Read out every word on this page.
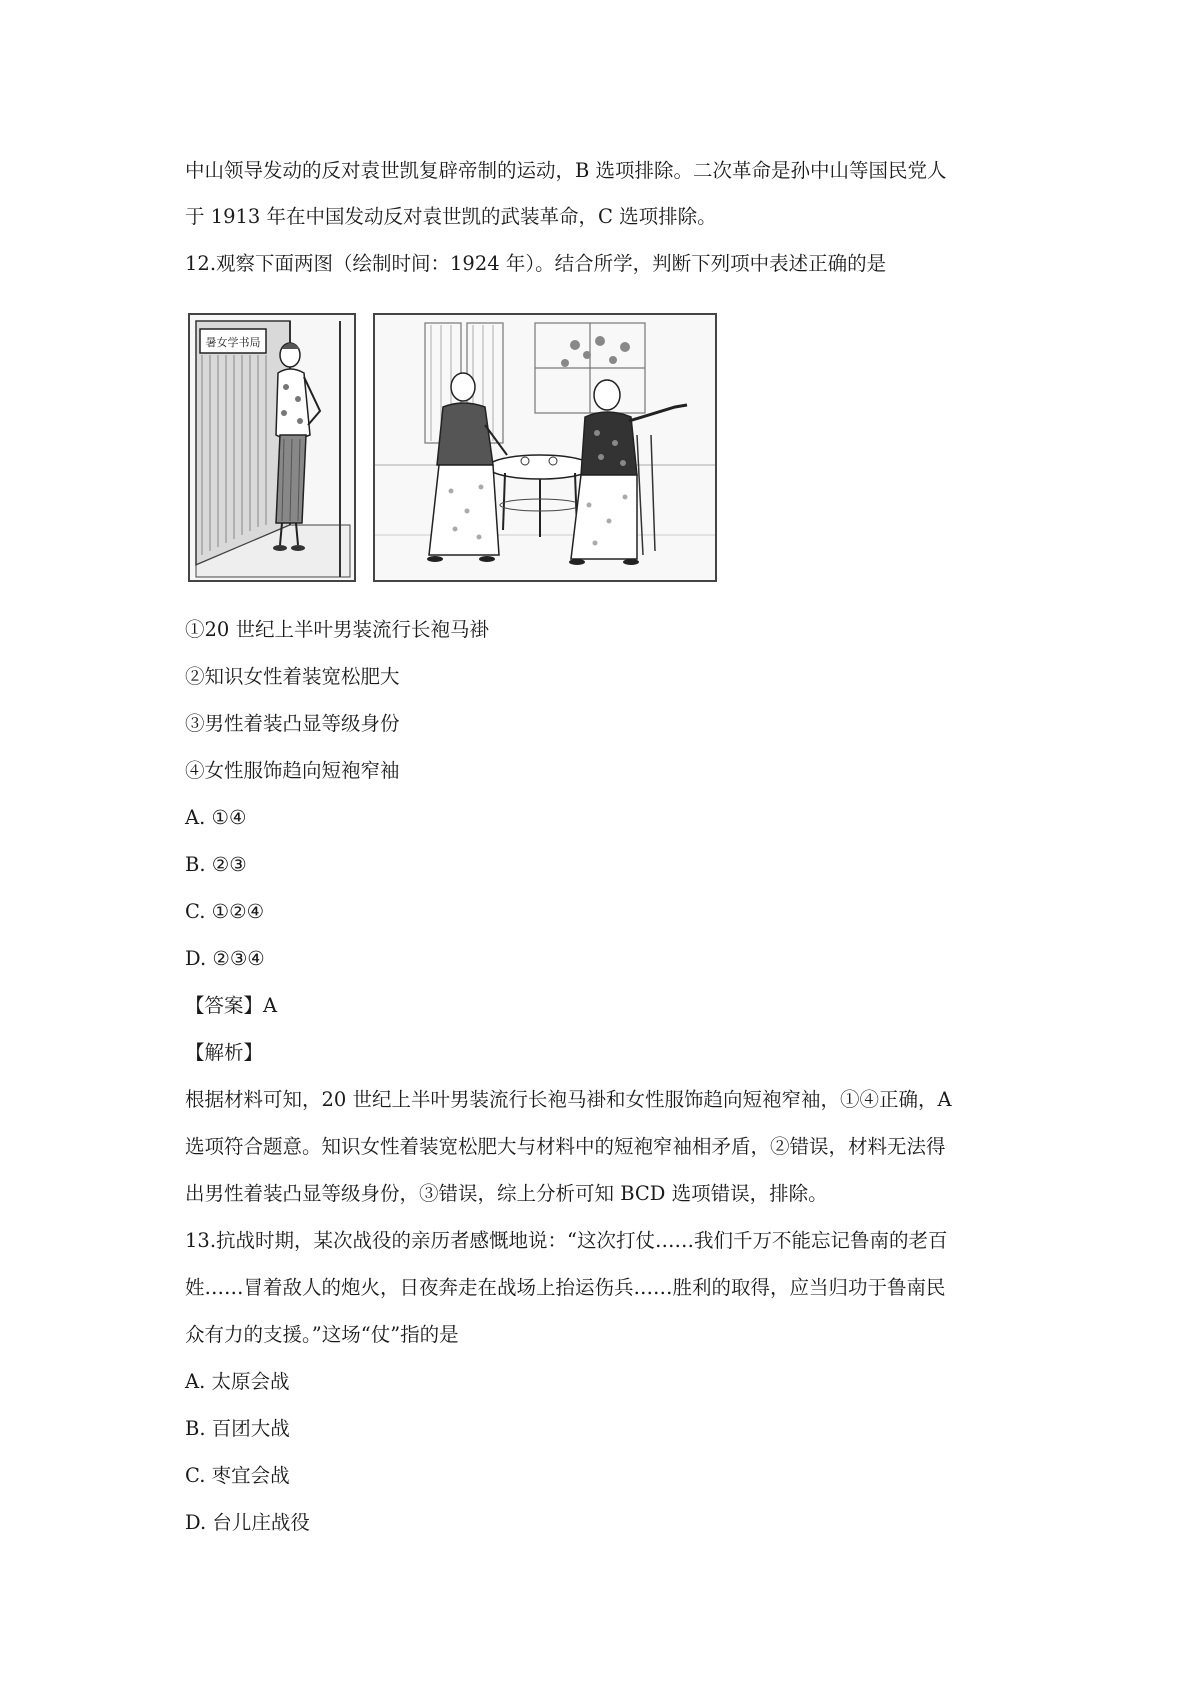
中山领导发动的反对袁世凯复辟帝制的运动，B 选项排除。二次革命是孙中山等国民党人
于 1913 年在中国发动反对袁世凯的武装革命，C 选项排除。
12.观察下面两图（绘制时间：1924 年）。结合所学，判断下列项中表述正确的是
①20 世纪上半叶男装流行长袍马褂
②知识女性着装宽松肥大
③男性着装凸显等级身份
④女性服饰趋向短袍窄袖
A. ①④
B. ②③
C. ①②④
D. ②③④
【答案】A
【解析】
根据材料可知，20 世纪上半叶男装流行长袍马褂和女性服饰趋向短袍窄袖，①④正确，A
选项符合题意。知识女性着装宽松肥大与材料中的短袍窄袖相矛盾，②错误，材料无法得
出男性着装凸显等级身份，③错误，综上分析可知 BCD 选项错误，排除。
13.抗战时期，某次战役的亲历者感慨地说：“这次打仗……我们千万不能忘记鲁南的老百
姓……冒着敌人的炮火，日夜奔走在战场上抬运伤兵……胜利的取得，应当归功于鲁南民
众有力的支援。”这场“仗”指的是
A. 太原会战
B. 百团大战
C. 枣宜会战
D. 台儿庄战役
暑女学书局
